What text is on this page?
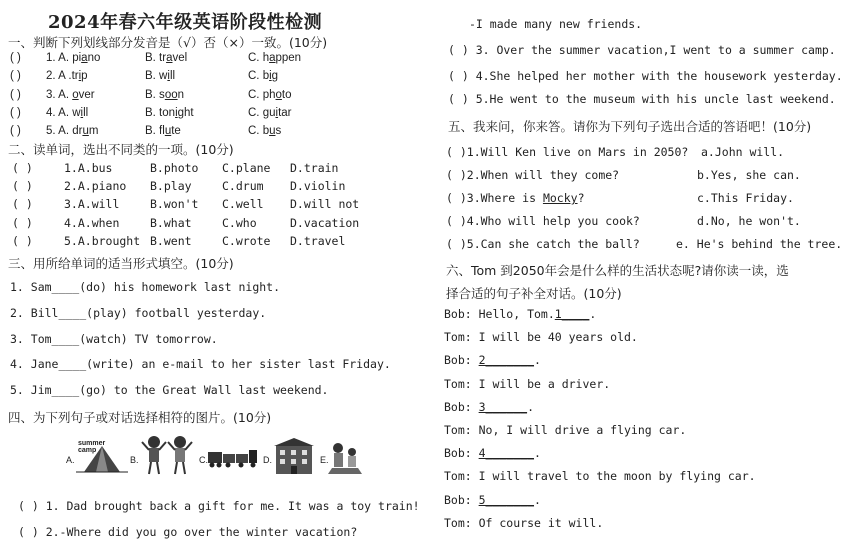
2024年春六年级英语阶段性检测
一、判断下列划线部分发音是（√）否（×）一致。(10分)
( ) 1. A. piano	B. travel	C. happen
( ) 2. A .trip	B. will	C. big
( ) 3. A. over	B. soon	C. photo
( ) 4. A. will	B. tonight	C. guitar
( ) 5. A. drum	B. flute	C. bus
二、读单词，选出不同类的一项。(10分)
( )	1.A.bus	B.photo C.plane D.train
( )	2.A.piano B.play	C.drum D.violin
( )	3.A.will	B.won't C.well D.will not
( )	4.A.when	B.what	C.who	D.vacation
( )	5.A.brought B.went	C.wrote D.travel
三、用所给单词的适当形式填空。(10分)
1. Sam____(do) his homework last night.
2. Bill____(play) football yesterday.
3. Tom____(watch) TV tomorrow.
4. Jane____(write) an e-mail to her sister last Friday.
5. Jim____(go) to the Great Wall last weekend.
四、为下列句子或对话选择相符的图片。(10分)
A.
summer camp
B.	C.	D.	E.
( ) 1. Dad brought back a gift for me. It was a toy train!
( ) 2.-Where did you go over the winter vacation?
-I made many new friends.
( ) 3. Over the summer vacation,I went to a summer camp.
( ) 4.She helped her mother with the housework yesterday.
( ) 5.He went to the museum with his uncle last weekend.
五、我来问，你来答。请你为下列句子选出合适的答语吧！(10分)
( )1.Will Ken live on Mars in 2050? a.John will.
( )2.When will they come?	b.Yes, she can.
( )3.Where is Mocky?	c.This Friday.
( )4.Who will help you cook?	d.No, he won't.
( )5.Can she catch the ball?	e. He's behind the tree.
六、Tom 到2050年会是什么样的生活状态呢?请你读一读，选
择合适的句子补全对话。(10分)
Bob: Hello, Tom.1____.
Tom: I will be 40 years old.
Bob: 2_______.
Tom: I will be a driver.
Bob: 3______.
Tom: No, I will drive a flying car.
Bob: 4_______.
Tom: I will travel to the moon by flying car.
Bob: 5_______.
Tom: Of course it will.
